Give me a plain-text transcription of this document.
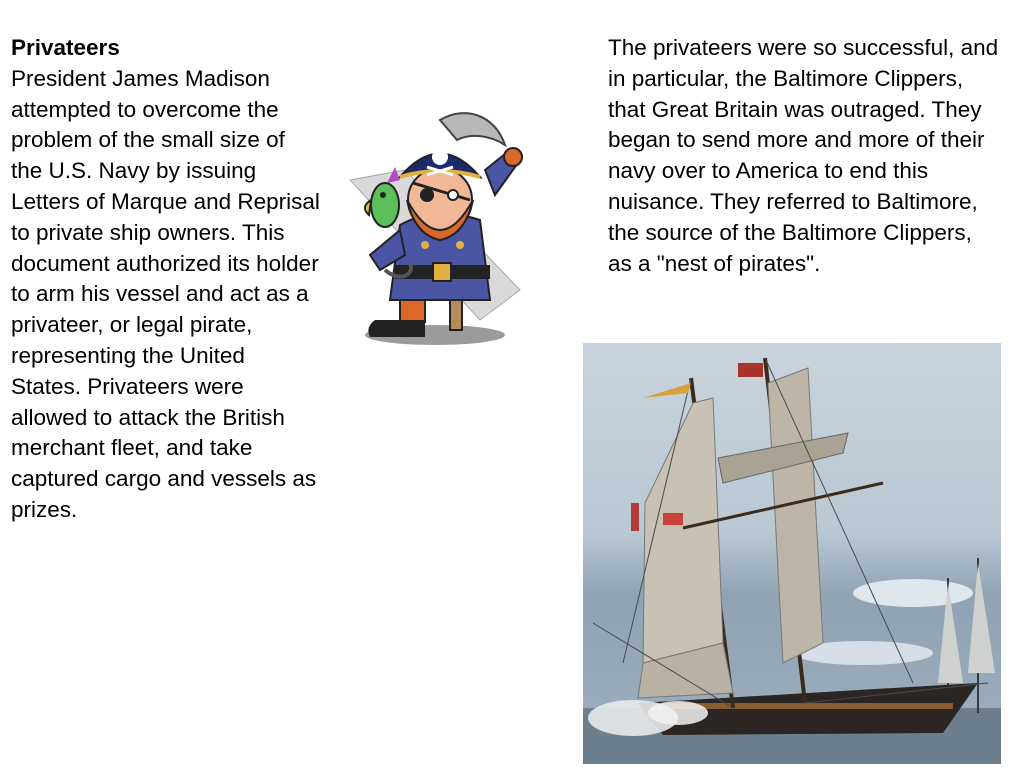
Privateers
President James Madison attempted to overcome the problem of the small size of the U.S. Navy by issuing Letters of Marque and Reprisal to private ship owners. This document authorized its holder to arm his vessel and act as a privateer, or legal pirate, representing the United States. Privateers were allowed to attack the British merchant fleet, and take captured cargo and vessels as prizes.
The privateers were so successful, and in particular, the Baltimore Clippers, that Great Britain was outraged. They began to send more and more of their navy over to America to end this nuisance. They referred to Baltimore, the source of the Baltimore Clippers, as a "nest of pirates".
